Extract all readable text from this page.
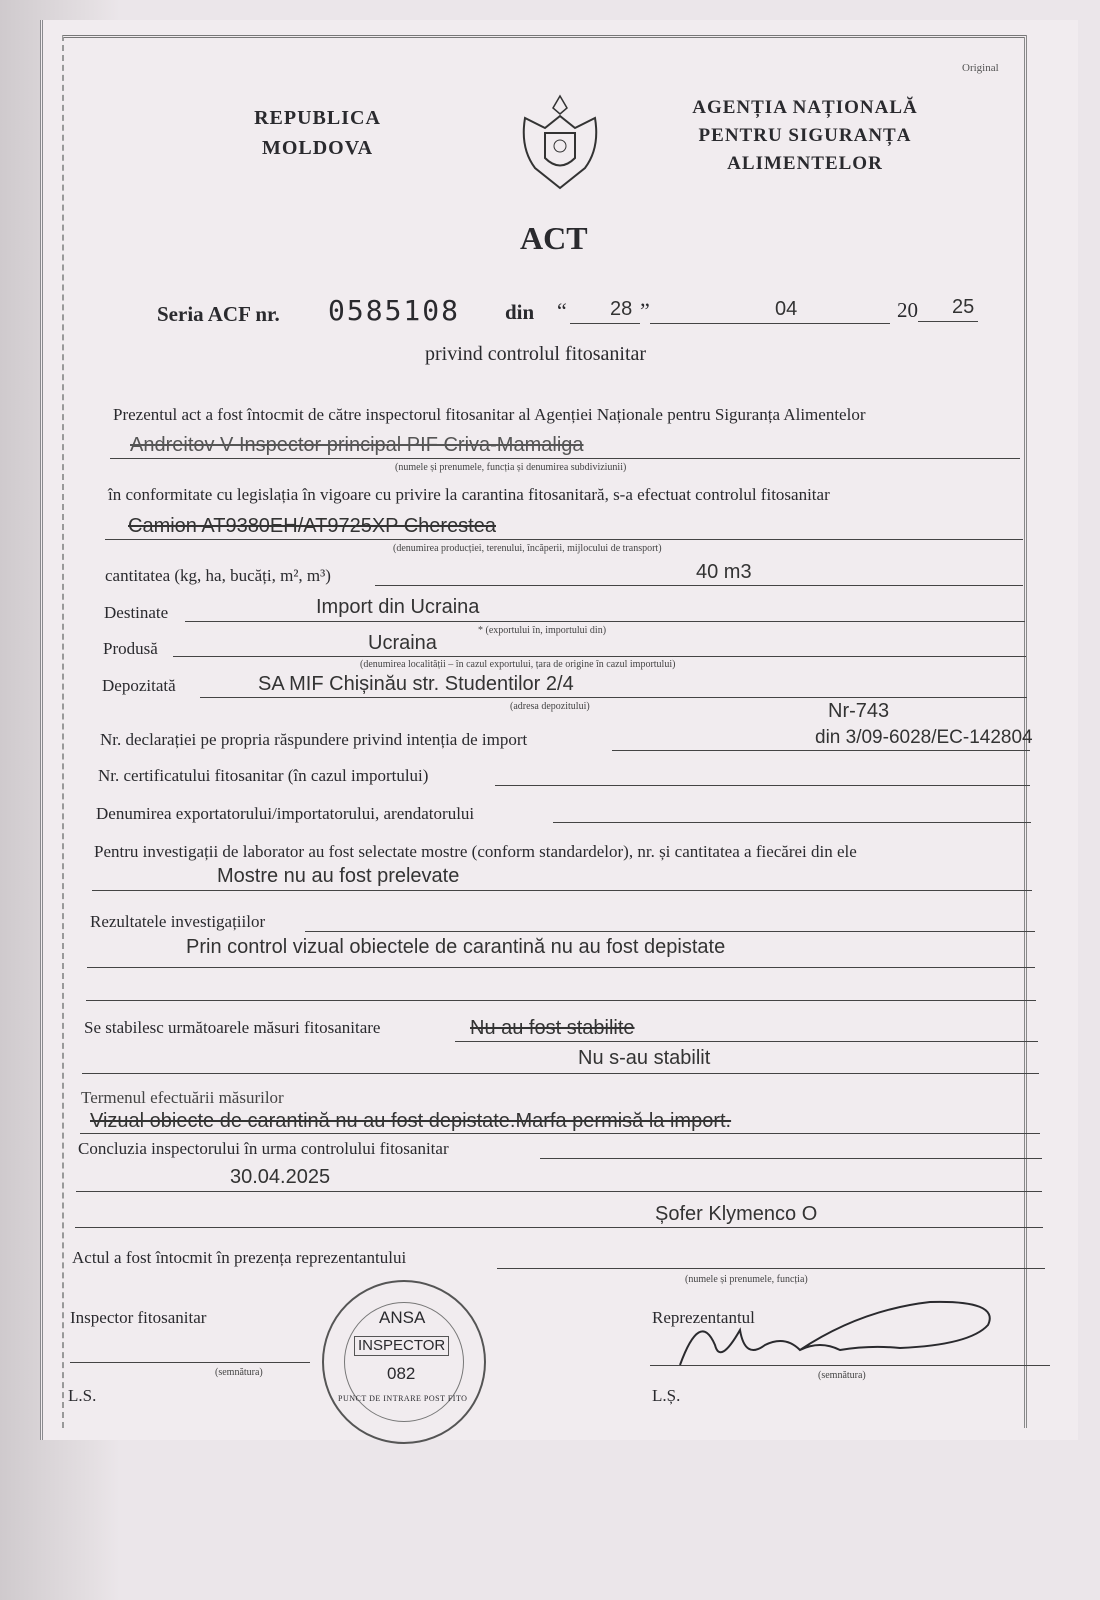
Original
REPUBLICA
MOLDOVA
AGENȚIA NAȚIONALĂ
PENTRU SIGURANȚA
ALIMENTELOR
ACT
Seria ACF nr. 0585108 din “ 28 ”	04	20 25
privind controlul fitosanitar
Prezentul act a fost întocmit de către inspectorul fitosanitar al Agenției Naționale pentru Siguranța Alimentelor
Andreitov V Inspector principal PIF Criva-Mamaliga
(numele și prenumele, funcția și denumirea subdiviziunii)
în conformitate cu legislația în vigoare cu privire la carantina fitosanitară, s-a efectuat controlul fitosanitar
Camion AT9380EH/AT9725XP Cherestea
(denumirea producției, terenului, încăperii, mijlocului de transport)
cantitatea (kg, ha, bucăți, m², m³)	40 m3
Destinate	Import din Ucraina
* (exportului în, importului din)
Produsă	Ucraina
(denumirea localității – în cazul exportului, țara de origine în cazul importului)
Depozitată	SA MIF Chișinău str. Studentilor 2/4
(adresa depozitului)	Nr-743
Nr. declarației pe propria răspundere privind intenția de import	din 3/09-6028/EC-142804
Nr. certificatului fitosanitar (în cazul importului)
Denumirea exportatorului/importatorului, arendatorului
Pentru investigații de laborator au fost selectate mostre (conform standardelor), nr. și cantitatea a fiecărei din ele
Mostre nu au fost prelevate
Rezultatele investigațiilor
Prin control vizual obiectele de carantină nu au fost depistate
Se stabilesc următoarele măsuri fitosanitare	Nu au fost stabilite
Nu s-au stabilit
Termenul efectuării măsurilor
Vizual obiecte de carantină nu au fost depistate.Marfa permisă la import.
Concluzia inspectorului în urma controlului fitosanitar
30.04.2025
Șofer Klymenco O
Actul a fost întocmit în prezența reprezentantului
(numele și prenumele, funcția)
Inspector fitosanitar
(semnătura)
L.S.
ANSA
INSPECTOR
082
PUNCT DE INTRARE POST FITO
Reprezentantul
(semnătura)
L.Ș.
